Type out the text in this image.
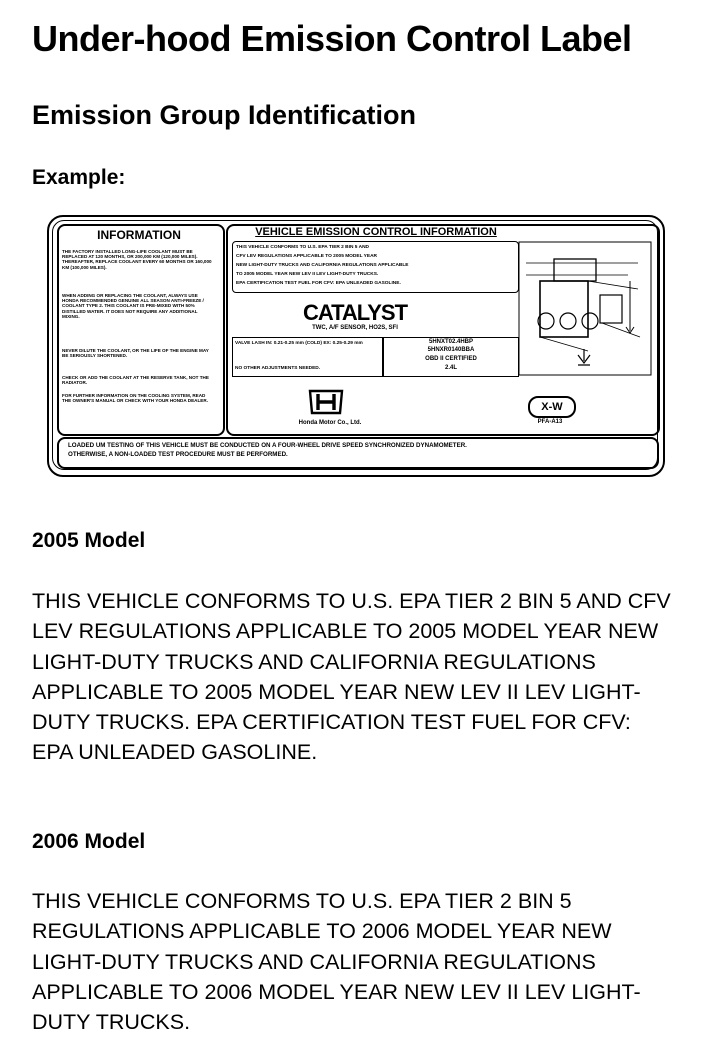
Under-hood Emission Control Label
Emission Group Identification
Example:
INFORMATION
THE FACTORY INSTALLED LONG-LIFE COOLANT MUST BE REPLACED AT 120 MONTHS, OR 200,000 KM (120,000 MILES). THEREAFTER, REPLACE COOLANT EVERY 60 MONTHS OR 160,000 KM (100,000 MILES).
WHEN ADDING OR REPLACING THE COOLANT, ALWAYS USE HONDA RECOMMENDED GENUINE ALL SEASON ANTI-FREEZE / COOLANT TYPE 2. THIS COOLANT IS PRE-MIXED WITH 50% DISTILLED WATER. IT DOES NOT REQUIRE ANY ADDITIONAL MIXING.
NEVER DILUTE THE COOLANT, OR THE LIFE OF THE ENGINE MAY BE SERIOUSLY SHORTENED.
CHECK OR ADD THE COOLANT AT THE RESERVE TANK, NOT THE RADIATOR.
FOR FURTHER INFORMATION ON THE COOLING SYSTEM, READ THE OWNER'S MANUAL OR CHECK WITH YOUR HONDA DEALER.
VEHICLE EMISSION CONTROL INFORMATION
THIS VEHICLE CONFORMS TO U.S. EPA TIER 2 BIN 5 AND
CFV LEV REGULATIONS APPLICABLE TO 2005 MODEL YEAR
NEW LIGHT-DUTY TRUCKS AND CALIFORNIA REGULATIONS APPLICABLE
TO 2005 MODEL YEAR NEW LEV II LEV LIGHT-DUTY TRUCKS.
EPA CERTIFICATION TEST FUEL FOR CFV: EPA UNLEADED GASOLINE.
CATALYST
TWC, A/F SENSOR, HO2S, SFI
VALVE LASH IN: 0.21-0.25 mm (COLD) EX: 0.25-0.29 mm
NO OTHER ADJUSTMENTS NEEDED.
5HNXT02.4HBP
5HNXR0140BBA
OBD II CERTIFIED
2.4L
Honda Motor Co., Ltd.
X-W
PFA-A13
LOADED UM TESTING OF THIS VEHICLE MUST BE CONDUCTED ON A FOUR-WHEEL DRIVE SPEED SYNCHRONIZED DYNAMOMETER.
OTHERWISE, A NON-LOADED TEST PROCEDURE MUST BE PERFORMED.
2005 Model
THIS VEHICLE CONFORMS TO U.S. EPA TIER 2 BIN 5 AND CFV LEV REGULATIONS APPLICABLE TO 2005 MODEL YEAR NEW LIGHT-DUTY TRUCKS AND CALIFORNIA REGULATIONS APPLICABLE TO 2005 MODEL YEAR NEW LEV II LEV LIGHT-DUTY TRUCKS. EPA CERTIFICATION TEST FUEL FOR CFV: EPA UNLEADED GASOLINE.
2006 Model
THIS VEHICLE CONFORMS TO U.S. EPA TIER 2 BIN 5 REGULATIONS APPLICABLE TO 2006 MODEL YEAR NEW LIGHT-DUTY TRUCKS AND CALIFORNIA REGULATIONS APPLICABLE TO 2006 MODEL YEAR NEW LEV II LEV LIGHT-DUTY TRUCKS.
